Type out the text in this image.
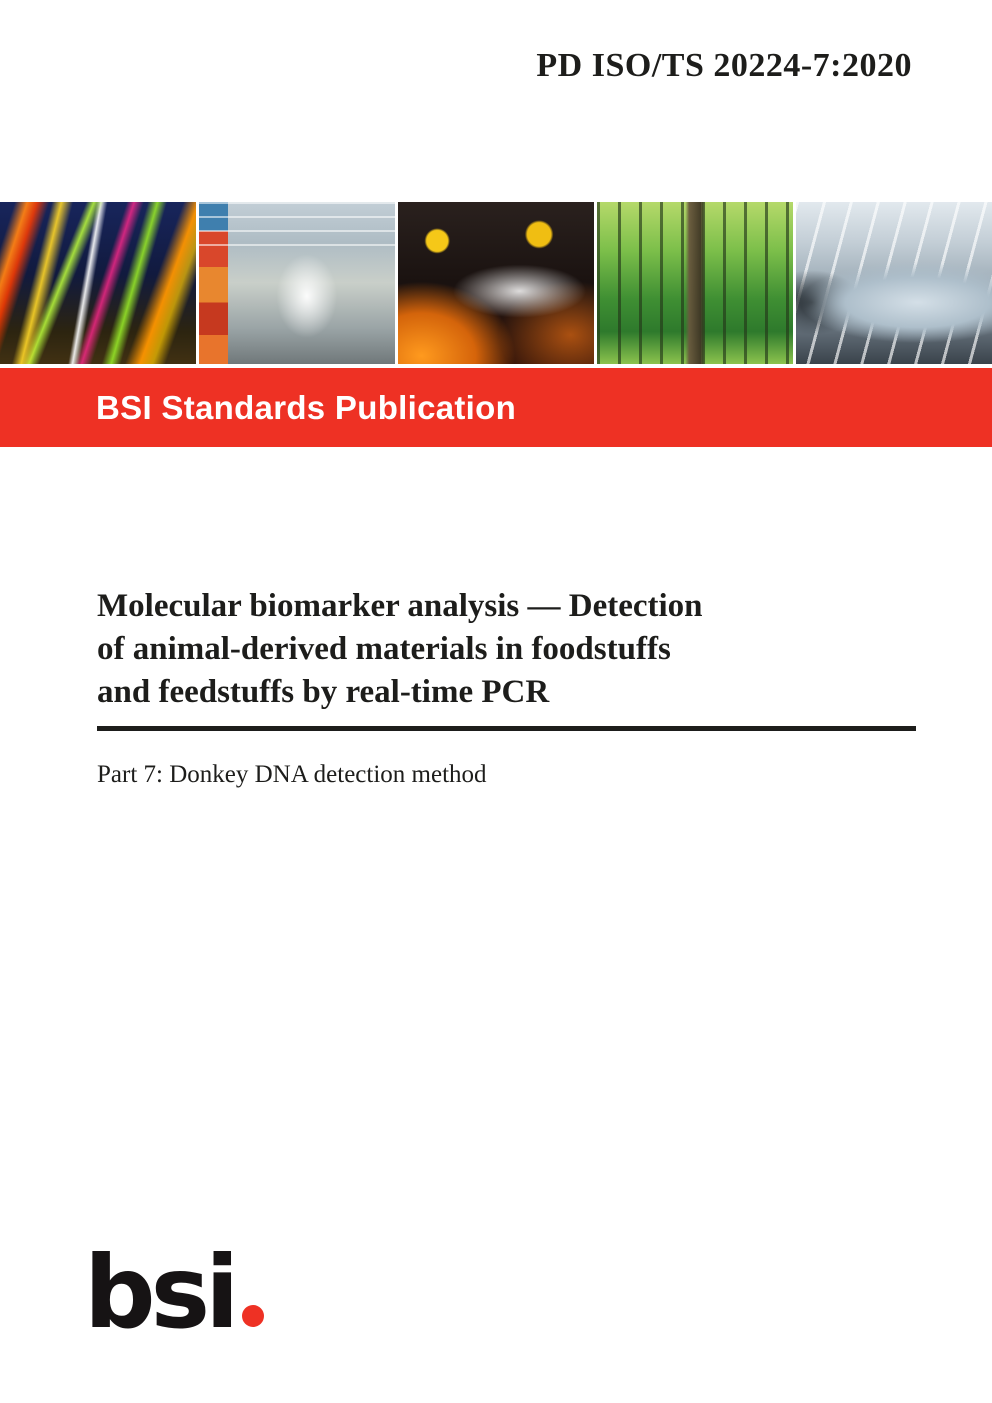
PD ISO/TS 20224-7:2020
BSI Standards Publication
Molecular biomarker analysis — Detection
of animal-derived materials in foodstuffs
and feedstuffs by real-time PCR
Part 7: Donkey DNA detection method
bsi
